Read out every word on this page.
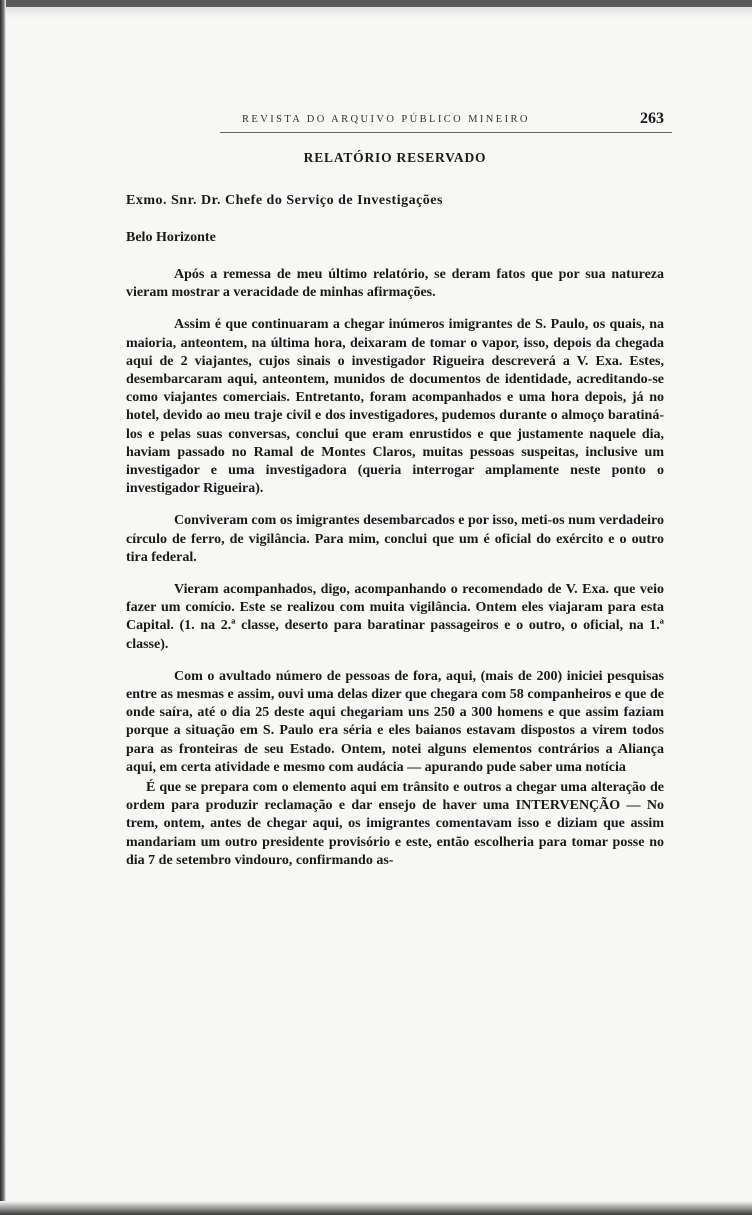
REVISTA DO ARQUIVO PÚBLICO MINEIRO	263
RELATÓRIO RESERVADO
Exmo. Snr. Dr. Chefe do Serviço de Investigações
Belo Horizonte

Após a remessa de meu último relatório, se deram fatos que por sua natureza vieram mostrar a veracidade de minhas afirmações.

Assim é que continuaram a chegar inúmeros imigrantes de S. Paulo, os quais, na maioria, anteontem, na última hora, deixaram de tomar o vapor, isso, depois da chegada aqui de 2 viajantes, cujos sinais o investigador Rigueira descreverá a V. Exa. Estes, desembarcaram aqui, anteontem, munidos de documentos de identidade, acreditando-se como viajantes comerciais. Entretanto, foram acompanhados e uma hora depois, já no hotel, devido ao meu traje civil e dos investigadores, pudemos durante o almoço baratiná-los e pelas suas conversas, conclui que eram enrustidos e que justamente naquele dia, haviam passado no Ramal de Montes Claros, muitas pessoas suspeitas, inclusive um investigador e uma investigadora (queria interrogar amplamente neste ponto o investigador Rigueira).

Conviveram com os imigrantes desembarcados e por isso, meti-os num verdadeiro círculo de ferro, de vigilância. Para mim, conclui que um é oficial do exército e o outro tira federal.

Vieram acompanhados, digo, acompanhando o recomendado de V. Exa. que veio fazer um comício. Este se realizou com muita vigilância. Ontem eles viajaram para esta Capital. (1. na 2.ª classe, deserto para baratinar passageiros e o outro, o oficial, na 1.ª classe).

Com o avultado número de pessoas de fora, aqui, (mais de 200) iniciei pesquisas entre as mesmas e assim, ouvi uma delas dizer que chegara com 58 companheiros e que de onde saíra, até o dia 25 deste aqui chegariam uns 250 a 300 homens e que assim faziam porque a situação em S. Paulo era séria e eles baianos estavam dispostos a virem todos para as fronteiras de seu Estado. Ontem, notei alguns elementos contrários a Aliança aqui, em certa atividade e mesmo com audácia — apurando pude saber uma notícia

É que se prepara com o elemento aqui em trânsito e outros a chegar uma alteração de ordem para produzir reclamação e dar ensejo de haver uma INTERVENÇÃO — No trem, ontem, antes de chegar aqui, os imigrantes comentavam isso e diziam que assim mandariam um outro presidente provisório e este, então escolheria para tomar posse no dia 7 de setembro vindouro, confirmando as-
